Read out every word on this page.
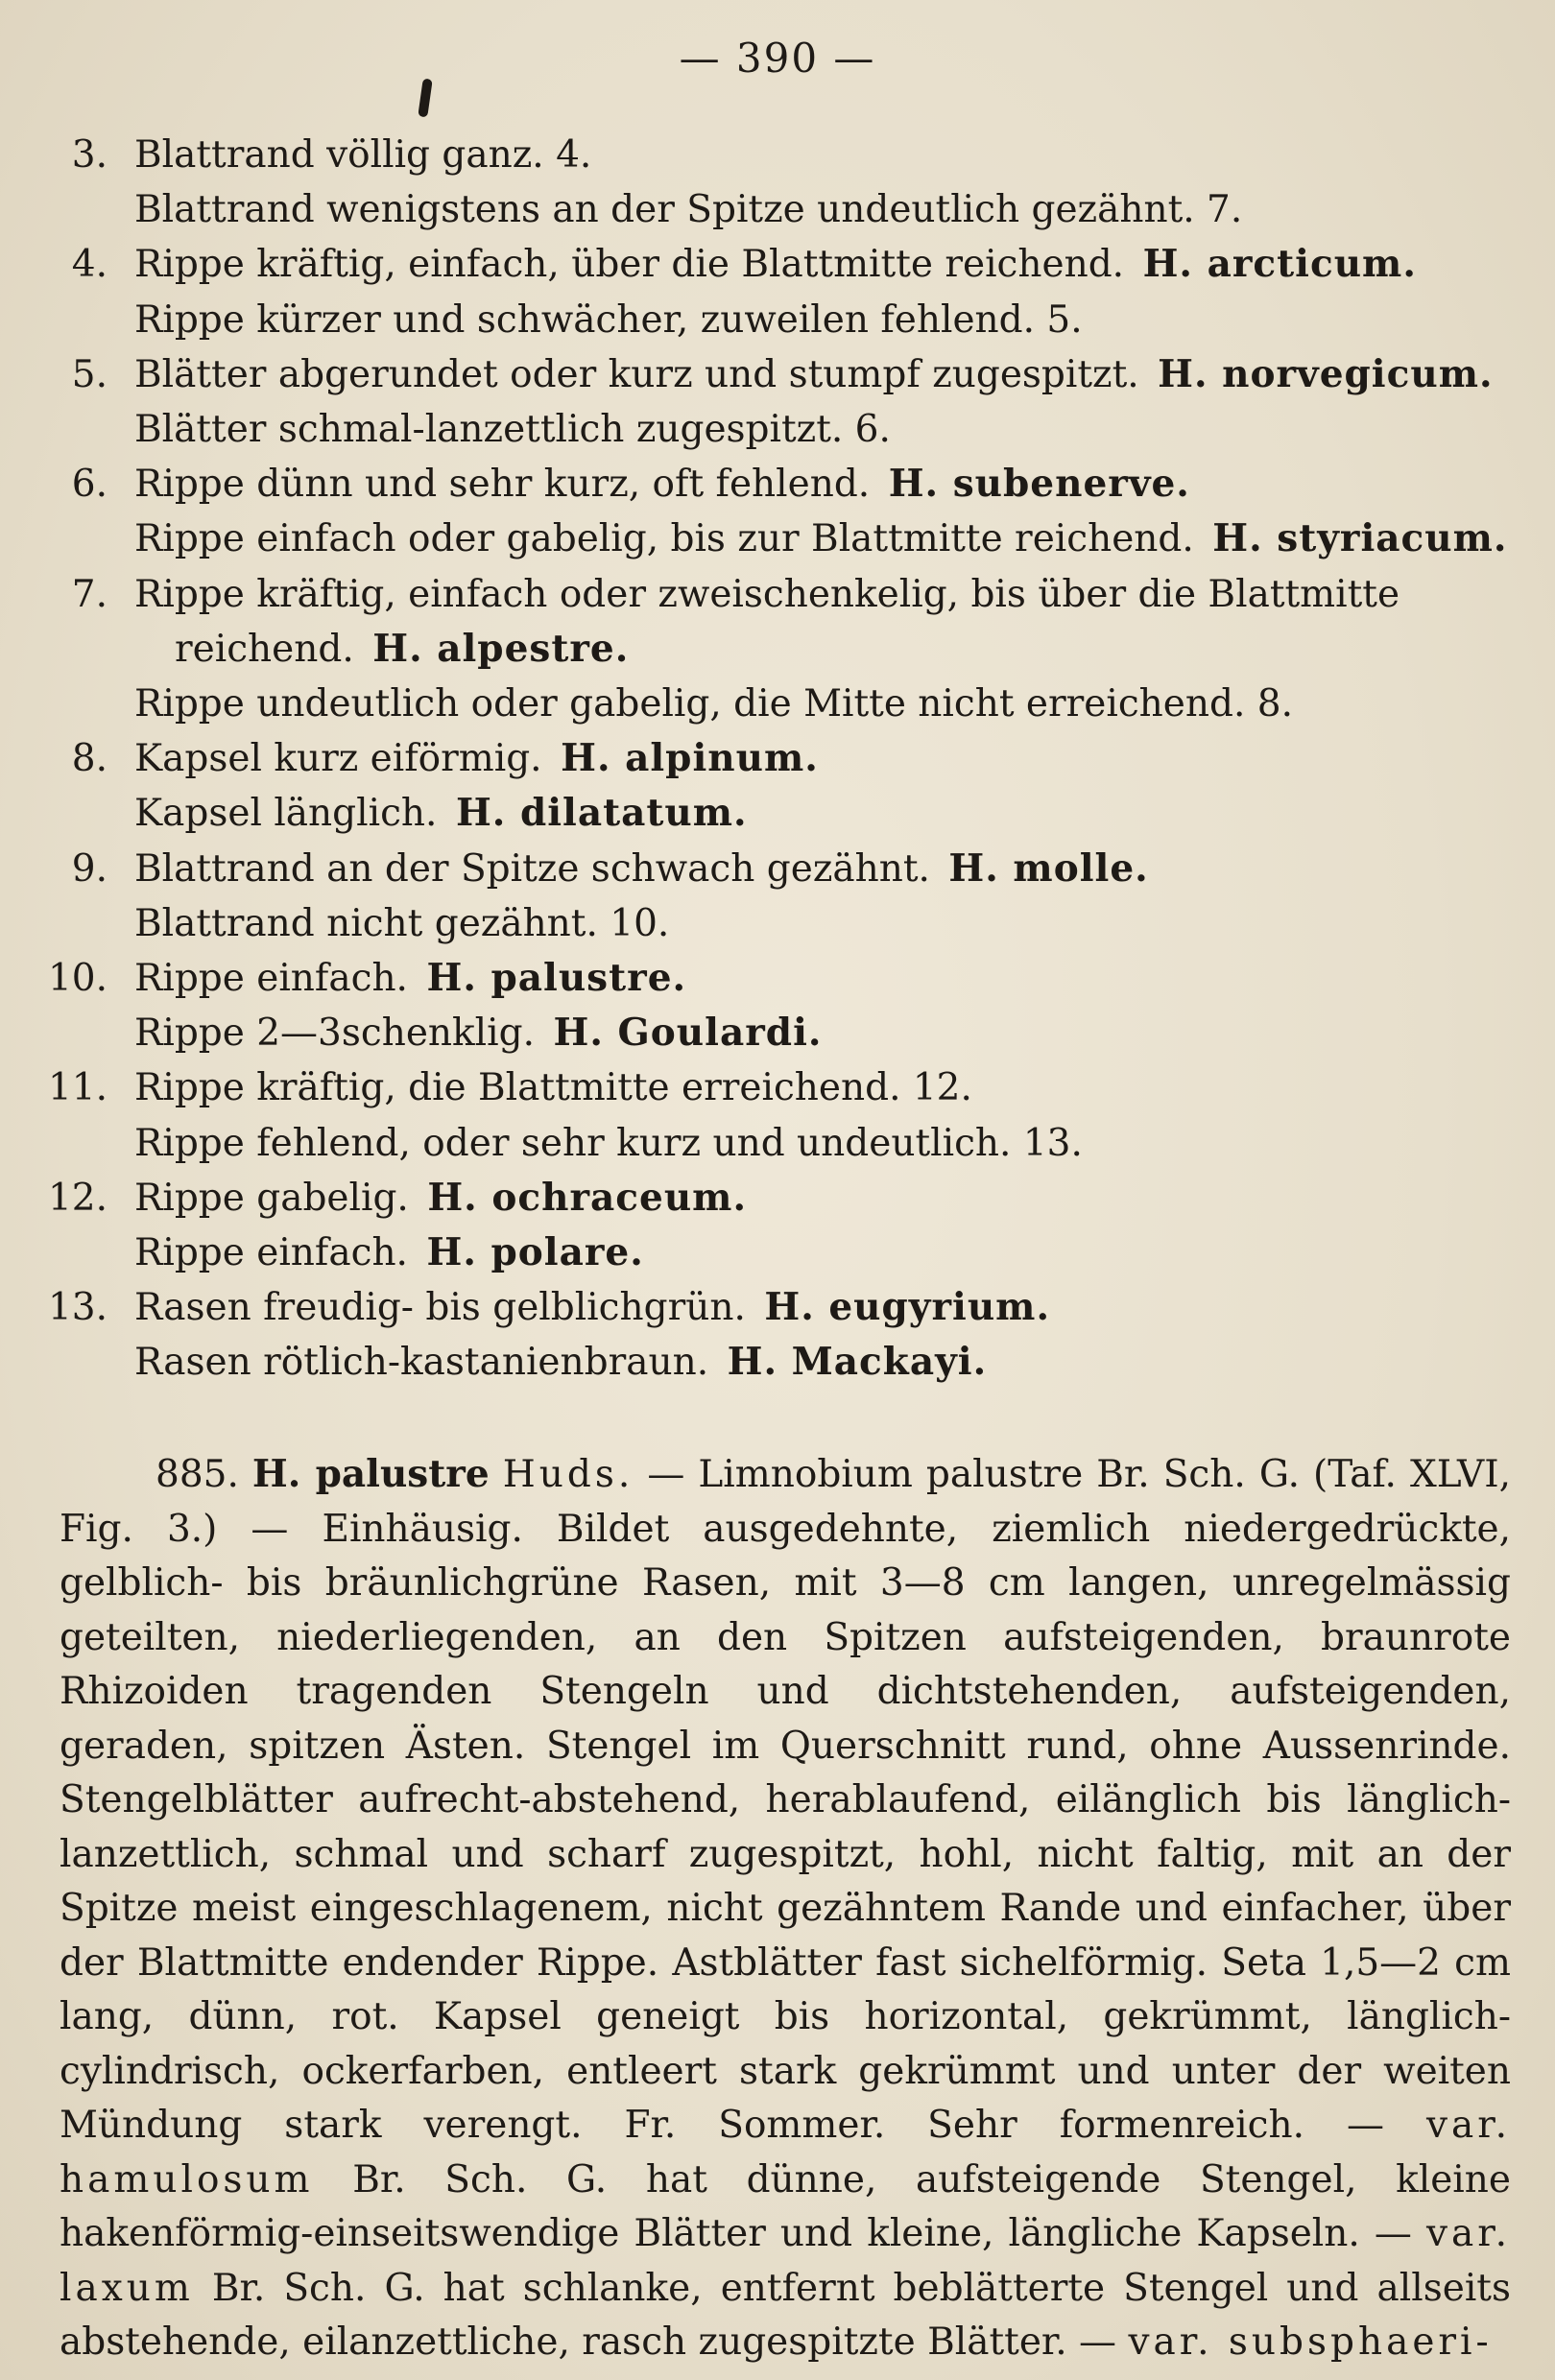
— 390 —
3. Blattrand völlig ganz. 4.
Blattrand wenigstens an der Spitze undeutlich gezähnt. 7.
4. Rippe kräftig, einfach, über die Blattmitte reichend.  H. arcticum.
Rippe kürzer und schwächer, zuweilen fehlend. 5.
5. Blätter abgerundet oder kurz und stumpf zugespitzt.  H. norvegicum.
Blätter schmal-lanzettlich zugespitzt. 6.
6. Rippe dünn und sehr kurz, oft fehlend.  H. subenerve.
Rippe einfach oder gabelig, bis zur Blattmitte reichend.  H. styriacum.
7. Rippe kräftig, einfach oder zweischenkelig, bis über die Blattmitte
reichend.  H. alpestre.
Rippe undeutlich oder gabelig, die Mitte nicht erreichend. 8.
8. Kapsel kurz eiförmig.  H. alpinum.
Kapsel länglich.  H. dilatatum.
9. Blattrand an der Spitze schwach gezähnt.  H. molle.
Blattrand nicht gezähnt. 10.
10. Rippe einfach.  H. palustre.
Rippe 2—3schenklig.  H. Goulardi.
11. Rippe kräftig, die Blattmitte erreichend. 12.
Rippe fehlend, oder sehr kurz und undeutlich. 13.
12. Rippe gabelig.  H. ochraceum.
Rippe einfach.  H. polare.
13. Rasen freudig- bis gelblichgrün.  H. eugyrium.
Rasen rötlich-kastanienbraun.  H. Mackayi.
885. H. palustre Huds. — Limnobium palustre Br. Sch. G. (Taf. XLVI, Fig. 3.) — Einhäusig. Bildet ausgedehnte, ziemlich niedergedrückte, gelblich- bis bräunlichgrüne Rasen, mit 3—8 cm langen, unregelmässig geteilten, niederliegenden, an den Spitzen aufsteigenden, braunrote Rhizoiden tragenden Stengeln und dichtstehenden, aufsteigenden, geraden, spitzen Ästen. Stengel im Querschnitt rund, ohne Aussenrinde. Stengelblätter aufrecht-abstehend, herablaufend, eilänglich bis länglich-lanzettlich, schmal und scharf zugespitzt, hohl, nicht faltig, mit an der Spitze meist eingeschlagenem, nicht gezähntem Rande und einfacher, über der Blattmitte endender Rippe. Astblätter fast sichelförmig. Seta 1,5—2 cm lang, dünn, rot. Kapsel geneigt bis horizontal, gekrümmt, länglich-cylindrisch, ockerfarben, entleert stark gekrümmt und unter der weiten Mündung stark verengt. Fr. Sommer. Sehr formenreich. — var. hamulosum Br. Sch. G. hat dünne, aufsteigende Stengel, kleine hakenförmig-einseitswendige Blätter und kleine, längliche Kapseln. — var. laxum Br. Sch. G. hat schlanke, entfernt beblätterte Stengel und allseits abstehende, eilanzettliche, rasch zugespitzte Blätter. — var. subsphaeri-
